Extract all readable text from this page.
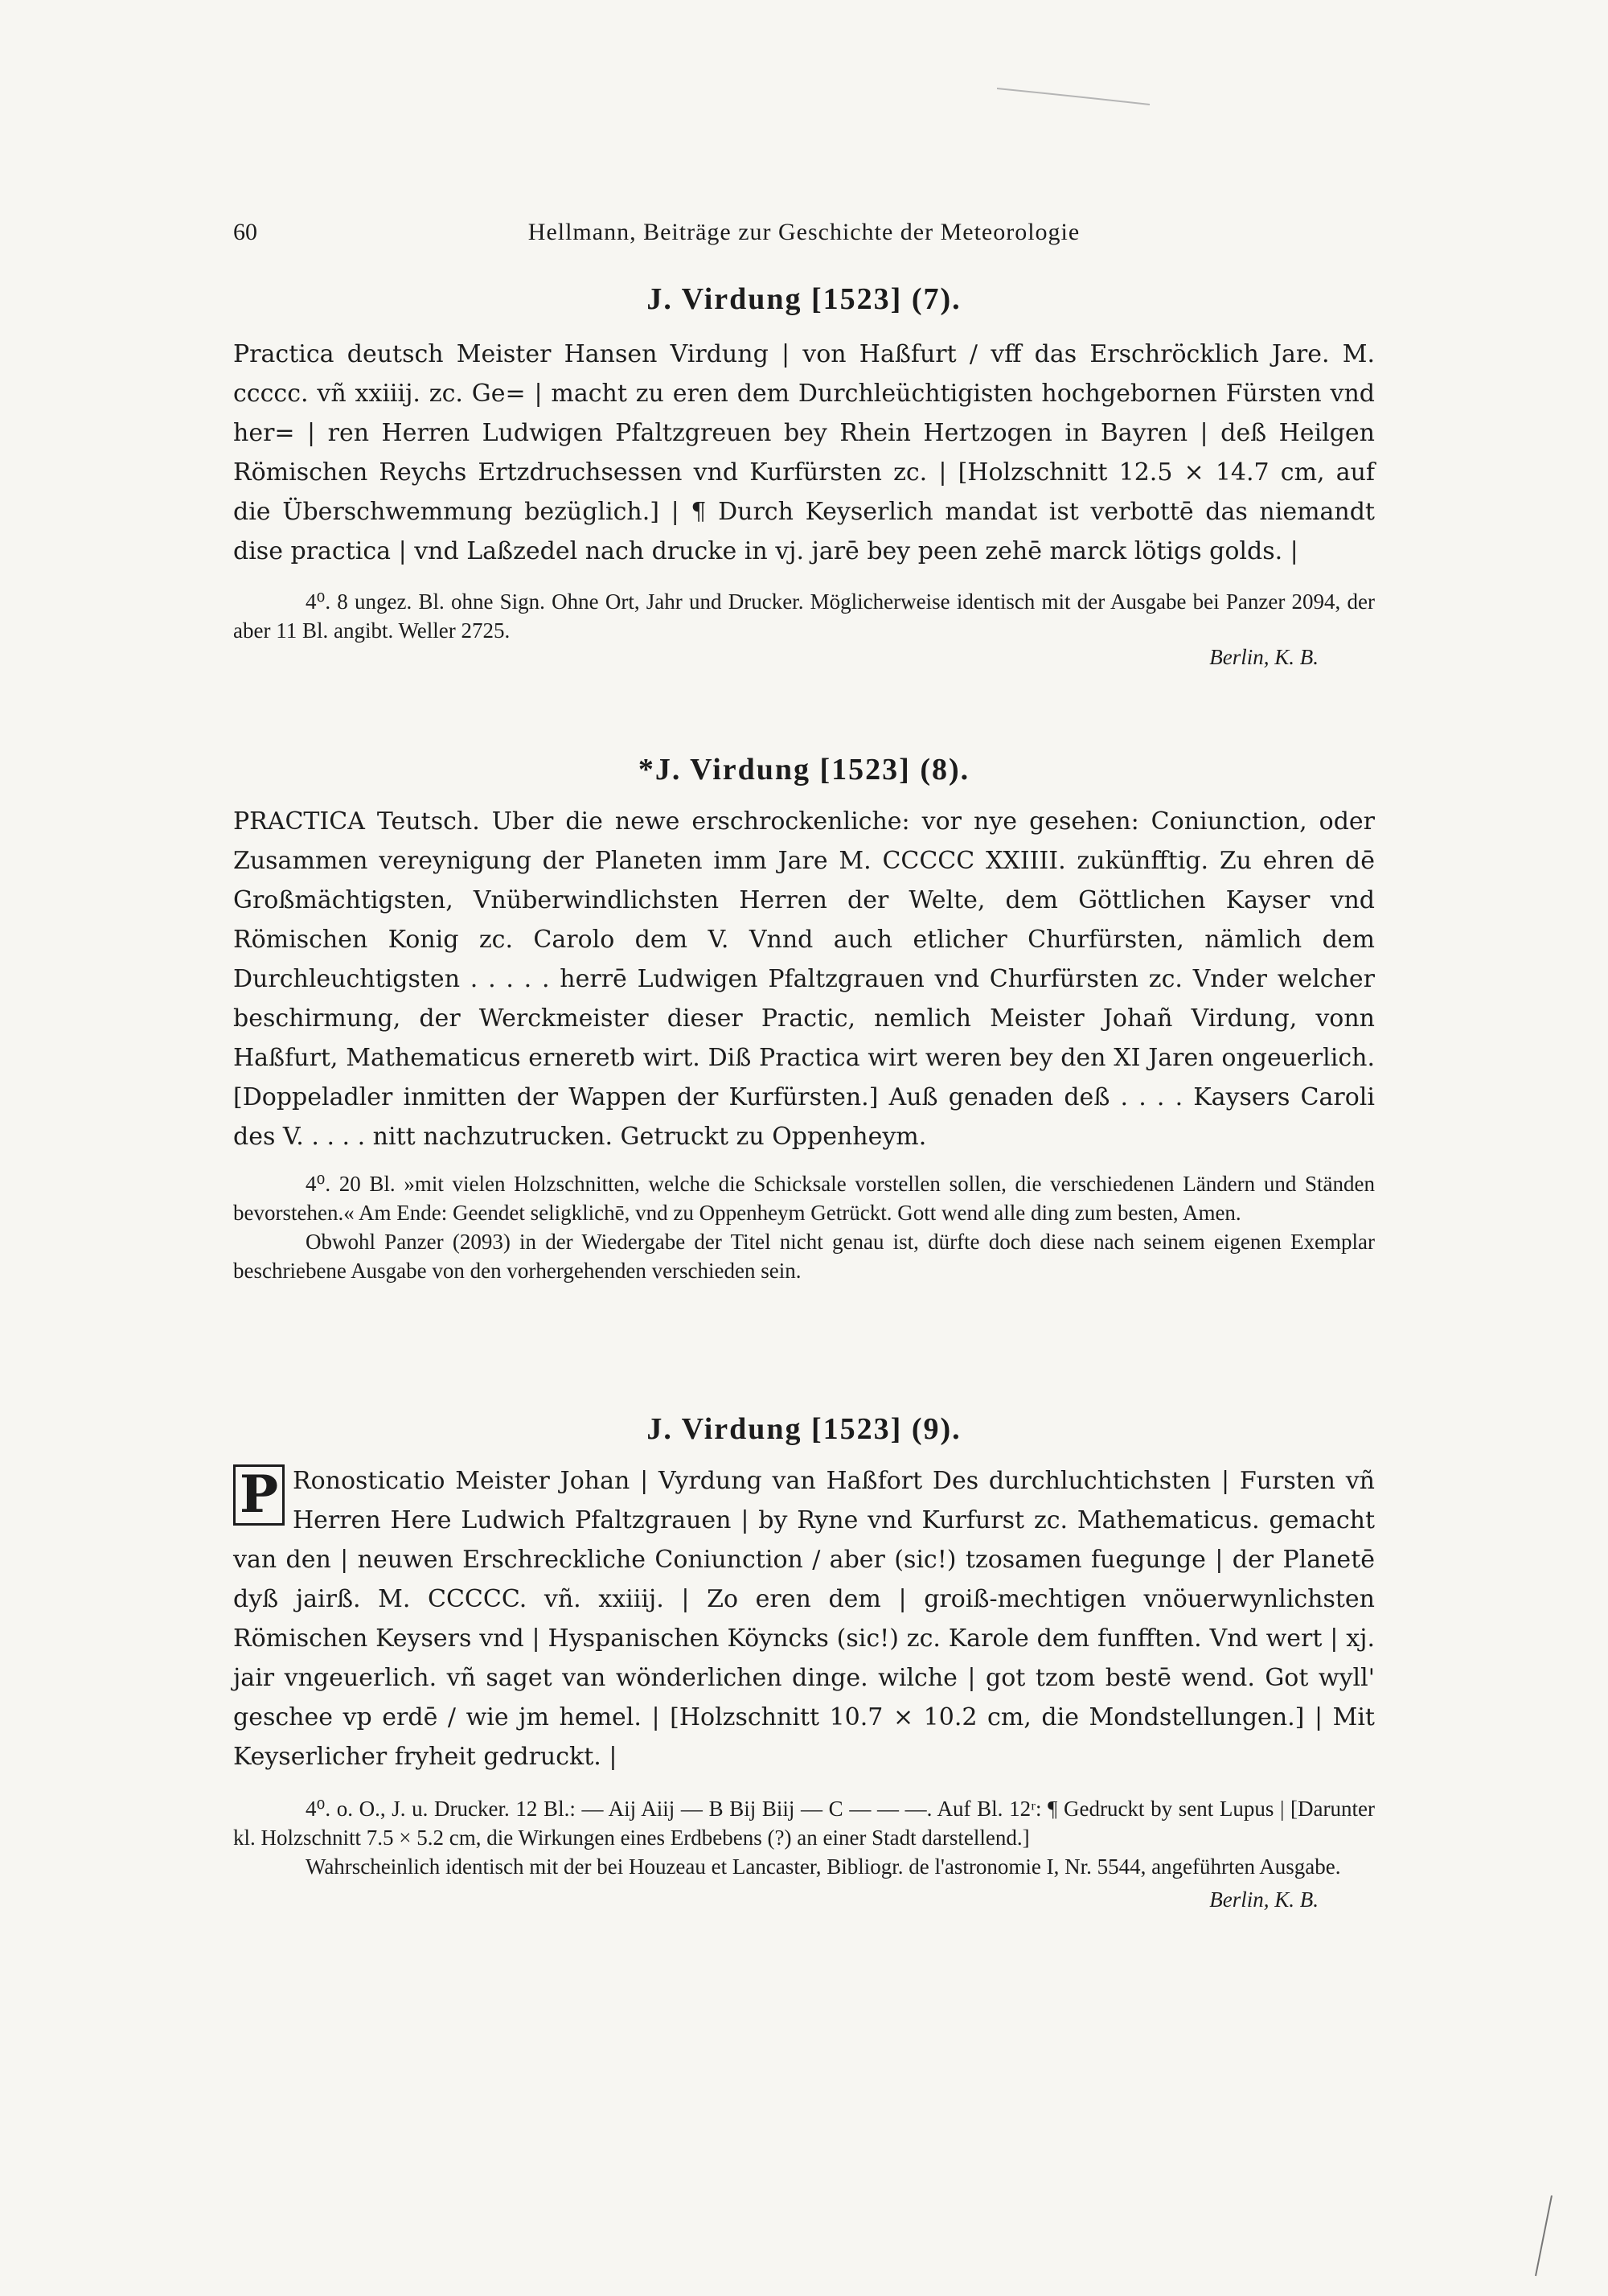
60	Hellmann, Beiträge zur Geschichte der Meteorologie
J. Virdung [1523] (7).

Practica deutsch Meister Hansen Virdung | von Haßfurt / vff das Erschröcklich Jare. M. ccccc. vñ xxiiij. zc. Ge= | macht zu eren dem Durchleüchtigisten hochgebornen Fürsten vnd her= | ren Herren Ludwigen Pfaltzgreuen bey Rhein Hertzogen in Bayren | deß Heilgen Römischen Reychs Ertzdruchsessen vnd Kurfürsten zc. | [Holzschnitt 12.5 × 14.7 cm, auf die Überschwemmung bezüglich.] | ¶ Durch Keyserlich mandat ist verbottē das niemandt dise practica | vnd Laßzedel nach drucke in vj. jarē bey peen zehē marck lötigs golds. |

4⁰. 8 ungez. Bl. ohne Sign. Ohne Ort, Jahr und Drucker. Möglicherweise identisch mit der Ausgabe bei Panzer 2094, der aber 11 Bl. angibt. Weller 2725.

Berlin, K. B.

*J. Virdung [1523] (8).

PRACTICA Teutsch. Uber die newe erschrockenliche: vor nye gesehen: Coniunction, oder Zusammen vereynigung der Planeten imm Jare M. CCCCC XXIIII. zukünfftig. Zu ehren dē Großmächtigsten, Vnüberwindlichsten Herren der Welte, dem Göttlichen Kayser vnd Römischen Konig zc. Carolo dem V. Vnnd auch etlicher Churfürsten, nämlich dem Durchleuchtigsten . . . . . herrē Ludwigen Pfaltzgrauen vnd Churfürsten zc. Vnder welcher beschirmung, der Werckmeister dieser Practic, nemlich Meister Johañ Virdung, vonn Haßfurt, Mathematicus erneretb wirt. Diß Practica wirt weren bey den XI Jaren ongeuerlich. [Doppeladler inmitten der Wappen der Kurfürsten.] Auß genaden deß . . . . Kaysers Caroli des V. . . . . nitt nachzutrucken. Getruckt zu Oppenheym.

4⁰. 20 Bl. »mit vielen Holzschnitten, welche die Schicksale vorstellen sollen, die verschiedenen Ländern und Ständen bevorstehen.« Am Ende: Geendet seligklichē, vnd zu Oppenheym Getrückt. Gott wend alle ding zum besten, Amen.

Obwohl Panzer (2093) in der Wiedergabe der Titel nicht genau ist, dürfte doch diese nach seinem eigenen Exemplar beschriebene Ausgabe von den vorhergehenden verschieden sein.

J. Virdung [1523] (9).
P Ronosticatio Meister Johan | Vyrdung van Haßfort Des durchluchtichsten | Fursten vñ Herren Here Ludwich Pfaltzgrauen | by Ryne vnd Kurfurst zc. Mathematicus. gemacht van den | neuwen Erschreckliche Coniunction / aber (sic!) tzosamen fuegunge | der Planetē dyß jairß. M. CCCCC. vñ. xxiiij. | Zo eren dem | groiß-mechtigen vnöuerwynlichsten Römischen Keysers vnd | Hyspanischen Köyncks (sic!) zc. Karole dem funfften. Vnd wert | xj. jair vngeuerlich. vñ saget van wönderlichen dinge. wilche | got tzom bestē wend. Got wyll' geschee vp erdē / wie jm hemel. | [Holzschnitt 10.7 × 10.2 cm, die Mondstellungen.] | Mit Keyserlicher fryheit gedruckt. |

4⁰. o. O., J. u. Drucker. 12 Bl.: — Aij Aiij — B Bij Biij — C — — —. Auf Bl. 12ʳ: ¶ Gedruckt by sent Lupus | [Darunter kl. Holzschnitt 7.5 × 5.2 cm, die Wirkungen eines Erdbebens (?) an einer Stadt darstellend.]

Wahrscheinlich identisch mit der bei Houzeau et Lancaster, Bibliogr. de l'astronomie I, Nr. 5544, angeführten Ausgabe.

Berlin, K. B.
